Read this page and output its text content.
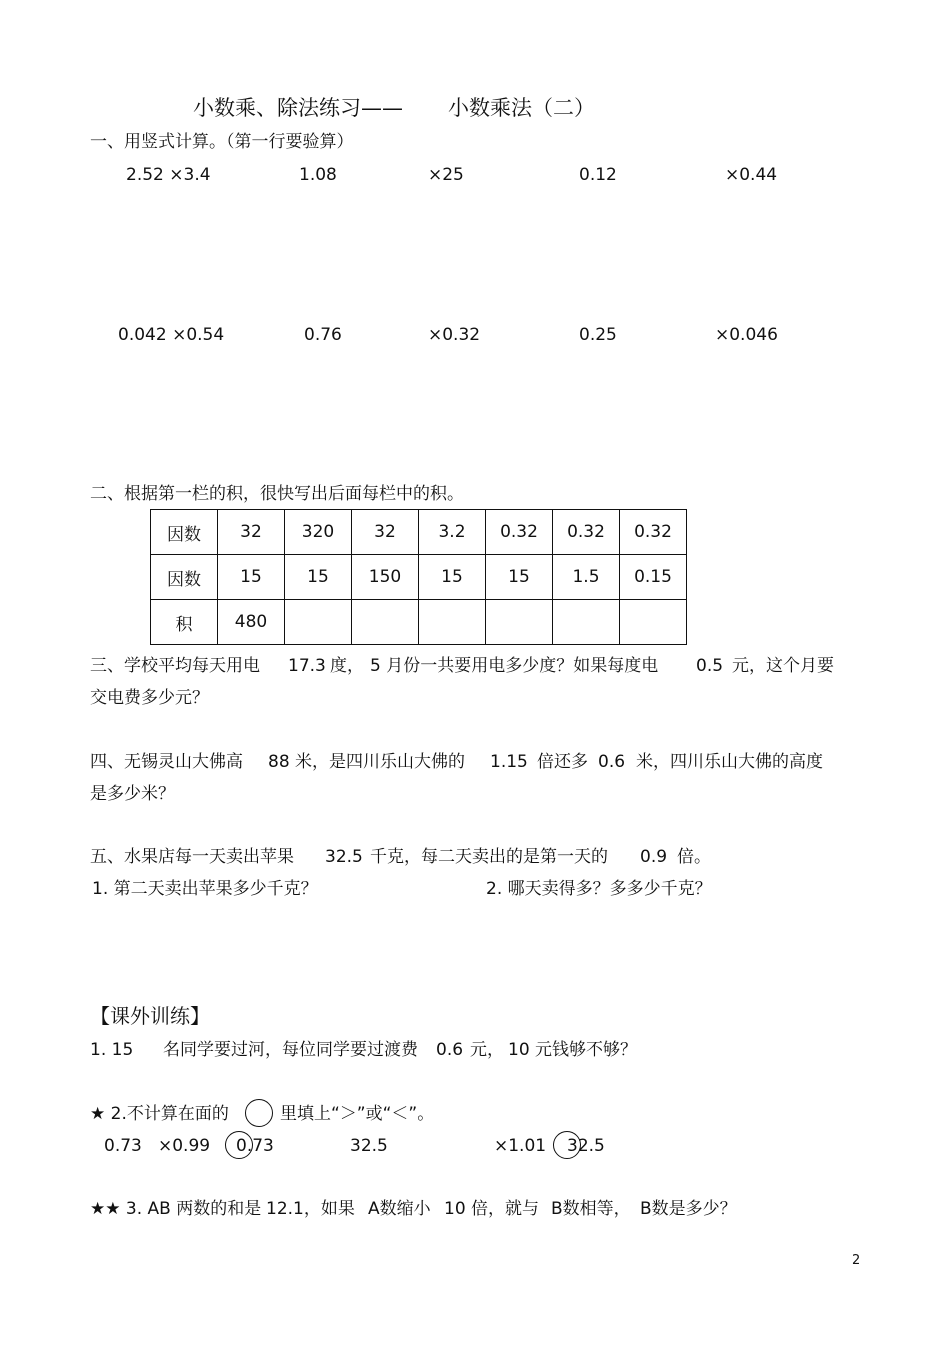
小数乘、除法练习—— 小数乘法（二）
一、用竖式计算。（第一行要验算）
2.52 ×3.4	1.08	×25	0.12	×0.44
0.042 ×0.54	0.76	×0.32	0.25	×0.046
二、根据第一栏的积，很快写出后面每栏中的积。
因数	32	320	32	3.2	0.32	0.32	0.32
因数	15	15	150	15	15	1.5	0.15
积	480						
三、学校平均每天用电 17.3 度， 5 月份一共要用电多少度？如果每度电 0.5 元，这个月要
交电费多少元？
四、无锡灵山大佛高 88 米，是四川乐山大佛的 1.15 倍还多 0.6 米，四川乐山大佛的高度
是多少米？
五、水果店每一天卖出苹果 32.5 千克，每二天卖出的是第一天的 0.9 倍。
1. 第二天卖出苹果多少千克？	2. 哪天卖得多？多多少千克？
【课外训练】
1. 15 名同学要过河，每位同学要过渡费 0.6 元， 10 元钱够不够？
★ 2.不计算在面的	里填上“＞”或“＜”。
0.73 ×0.99 0.73	32.5	×1.01 32.5
★★ 3. AB 两数的和是 12.1，如果 A数缩小 10 倍，就与 B数相等， B数是多少？
2
